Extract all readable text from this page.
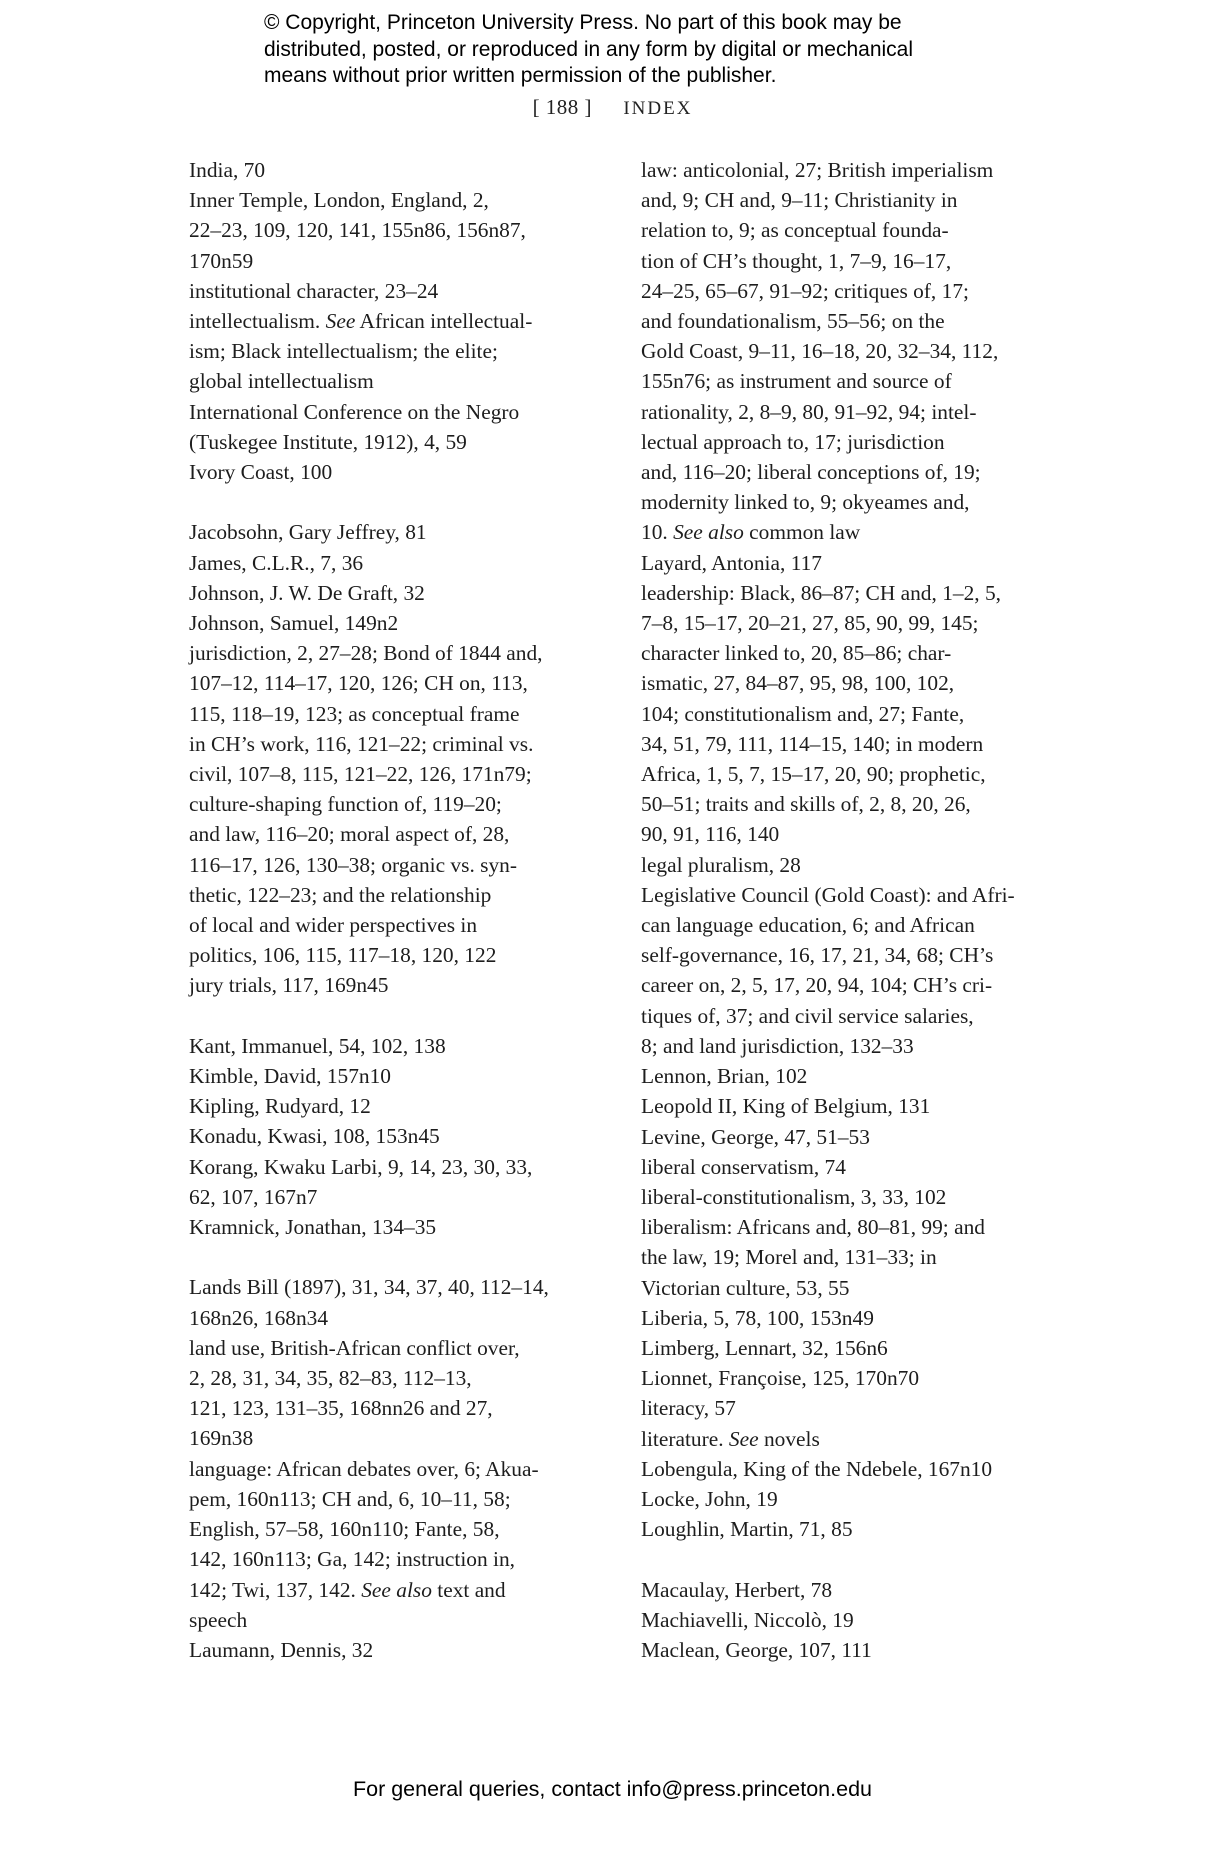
© Copyright, Princeton University Press. No part of this book may be
distributed, posted, or reproduced in any form by digital or mechanical
means without prior written permission of the publisher.
[ 188 ] INDEX
India, 70
Inner Temple, London, England, 2,
22–23, 109, 120, 141, 155n86, 156n87,
170n59
institutional character, 23–24
intellectualism. See African intellectual-
ism; Black intellectualism; the elite;
global intellectualism
International Conference on the Negro
(Tuskegee Institute, 1912), 4, 59
Ivory Coast, 100
Jacobsohn, Gary Jeffrey, 81
James, C.L.R., 7, 36
Johnson, J. W. De Graft, 32
Johnson, Samuel, 149n2
jurisdiction, 2, 27–28; Bond of 1844 and,
107–12, 114–17, 120, 126; CH on, 113,
115, 118–19, 123; as conceptual frame
in CH’s work, 116, 121–22; criminal vs.
civil, 107–8, 115, 121–22, 126, 171n79;
culture-shaping function of, 119–20;
and law, 116–20; moral aspect of, 28,
116–17, 126, 130–38; organic vs. syn-
thetic, 122–23; and the relationship
of local and wider perspectives in
politics, 106, 115, 117–18, 120, 122
jury trials, 117, 169n45
Kant, Immanuel, 54, 102, 138
Kimble, David, 157n10
Kipling, Rudyard, 12
Konadu, Kwasi, 108, 153n45
Korang, Kwaku Larbi, 9, 14, 23, 30, 33,
62, 107, 167n7
Kramnick, Jonathan, 134–35
Lands Bill (1897), 31, 34, 37, 40, 112–14,
168n26, 168n34
land use, British-African conflict over,
2, 28, 31, 34, 35, 82–83, 112–13,
121, 123, 131–35, 168nn26 and 27,
169n38
language: African debates over, 6; Akua-
pem, 160n113; CH and, 6, 10–11, 58;
English, 57–58, 160n110; Fante, 58,
142, 160n113; Ga, 142; instruction in,
142; Twi, 137, 142. See also text and
speech
Laumann, Dennis, 32
law: anticolonial, 27; British imperialism
and, 9; CH and, 9–11; Christianity in
relation to, 9; as conceptual founda-
tion of CH’s thought, 1, 7–9, 16–17,
24–25, 65–67, 91–92; critiques of, 17;
and foundationalism, 55–56; on the
Gold Coast, 9–11, 16–18, 20, 32–34, 112,
155n76; as instrument and source of
rationality, 2, 8–9, 80, 91–92, 94; intel-
lectual approach to, 17; jurisdiction
and, 116–20; liberal conceptions of, 19;
modernity linked to, 9; okyeames and,
10. See also common law
Layard, Antonia, 117
leadership: Black, 86–87; CH and, 1–2, 5,
7–8, 15–17, 20–21, 27, 85, 90, 99, 145;
character linked to, 20, 85–86; char-
ismatic, 27, 84–87, 95, 98, 100, 102,
104; constitutionalism and, 27; Fante,
34, 51, 79, 111, 114–15, 140; in modern
Africa, 1, 5, 7, 15–17, 20, 90; prophetic,
50–51; traits and skills of, 2, 8, 20, 26,
90, 91, 116, 140
legal pluralism, 28
Legislative Council (Gold Coast): and Afri-
can language education, 6; and African
self-governance, 16, 17, 21, 34, 68; CH’s
career on, 2, 5, 17, 20, 94, 104; CH’s cri-
tiques of, 37; and civil service salaries,
8; and land jurisdiction, 132–33
Lennon, Brian, 102
Leopold II, King of Belgium, 131
Levine, George, 47, 51–53
liberal conservatism, 74
liberal-constitutionalism, 3, 33, 102
liberalism: Africans and, 80–81, 99; and
the law, 19; Morel and, 131–33; in
Victorian culture, 53, 55
Liberia, 5, 78, 100, 153n49
Limberg, Lennart, 32, 156n6
Lionnet, Françoise, 125, 170n70
literacy, 57
literature. See novels
Lobengula, King of the Ndebele, 167n10
Locke, John, 19
Loughlin, Martin, 71, 85
Macaulay, Herbert, 78
Machiavelli, Niccolò, 19
Maclean, George, 107, 111
For general queries, contact info@press.princeton.edu
